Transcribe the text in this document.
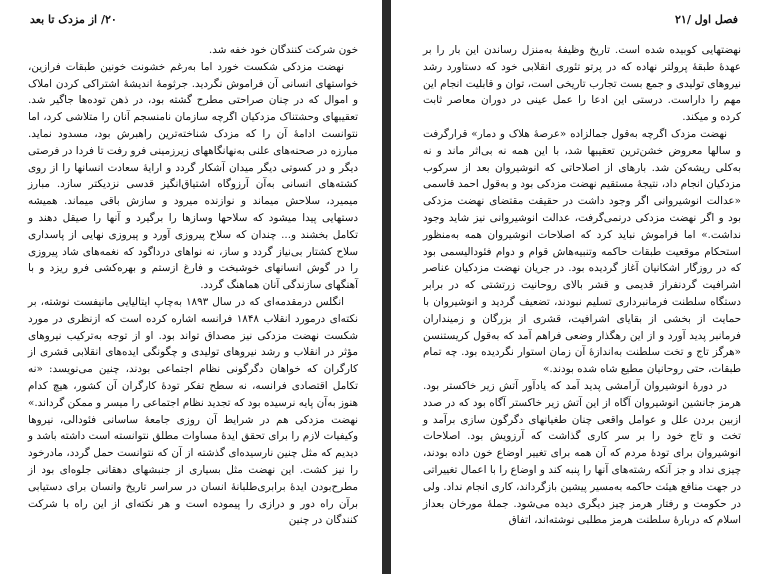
۲۰/ از مزدک تا بعد

خون شرکت کنندگان خود خفه شد.

نهضت مزدکی شکست خورد اما به‌رغم خشونت خونین طبقات فرازین، خواستهای انسانی آن فراموش نگردید. جرثومهٔ اندیشهٔ اشتراکی کردن املاک و اموال که در چنان صراحتی مطرح گشته بود، در ذهن توده‌ها جاگیر شد. تعقیبهای وحشتناک مزدکیان اگرچه سازمان نامنسجم آنان را متلاشی کرد، اما نتوانست ادامهٔ آن را که مزدک شناخته‌ترین راهبرش بود، مسدود نماید. مبارزه در صحنه‌های علنی به‌نهانگاههای زیرزمینی فرو رفت تا فردا در فرصتی دیگر و در کسوتی دیگر میدان آشکار گردد و ارایهٔ سعادت انسانها را از روی کشته‌های انسانی به‌آن آرزوگاه اشتیاق‌انگیز قدسی نزدیکتر سازد. مبارز میمیرد، سلاحش میماند و نوازنده میرود و سازش باقی میماند. همیشه دستهایی پیدا میشود که سلاحها وسازها را برگیرد و آنها را صیقل دهند و تکامل بخشند و... چندان که سلاح پیروزی آورد و پیروزی نهایی از پاسداری سلاح کشتار بی‌نیاز گردد و ساز، نه نواهای درداگود که نغمه‌های شاد پیروزی را در گوش انسانهای خوشبخت و فارغ ازستم و بهره‌کشی فرو ریزد و با آهنگهای سازندگی آنان هماهنگ گردد.

انگلس درمقدمه‌ای که در سال ۱۸۹۳ به‌چاپ ایتالیایی مانیفست نوشته، بر نکته‌ای درمورد انقلاب ۱۸۴۸ فرانسه اشاره کرده است که ازنظری در مورد شکست نهضت مزدکی نیز مصداق تواند بود. او از توجه به‌ترکیب نیروهای مؤثر در انقلاب و رشد نیروهای تولیدی و چگونگی ایده‌های انقلابی قشری از کارگران که خواهان دگرگونی نظام اجتماعی بودند، چنین می‌نویسد: «نه تکامل اقتصادی فرانسه، نه سطح تفکر تودهٔ کارگران آن کشور، هیچ کدام هنوز به‌آن پایه نرسیده بود که تجدید نظام اجتماعی را میسر و ممکن گرداند.» نهضت مزدکی هم در شرایط آن روزی جامعهٔ ساسانی فئودالی، نیروها وکیفیات لازم را برای تحقق ایدهٔ مساوات مطلق نتوانسته است داشته باشد و دیدیم که مثل چنین نارسیده‌ای گذشته از آن که نتوانست حمل گردد، مادرخود را نیز کشت. این نهضت مثل بسیاری از جنبشهای دهقانی جلوه‌ای بود از مطرح‌بودن ایدهٔ برابری‌طلبانهٔ انسان در سراسر تاریخ وانسان برای دستیابی برآن راه دور و درازی را پیموده است و هر نکته‌ای از این راه با شرکت کنندگان در چنین

فصل اول /۲۱

نهضتهایی کوبیده شده است. تاریخ وظیفهٔ به‌منزل رساندن این بار را بر عهدهٔ طبقهٔ پرولتر نهاده که در پرتو تئوری انقلابی خود که دستاورد رشد نیروهای تولیدی و جمع بست تجارب تاریخی است، توان و قابلیت انجام این مهم را داراست. درستی این ادعا را عمل عینی در دوران معاصر ثابت کرده و میکند.

نهضت مزدک اگرچه به‌قول جمالزاده «عرصهٔ هلاک و دمار» قرارگرفت و سالها معروض خشن‌ترین تعقیبها شد، با این همه نه بی‌اثر ماند و نه به‌کلی ریشه‌کن شد. بارهای از اصلاحاتی که انوشیروان بعد از سرکوب مزدکیان انجام داد، نتیجهٔ مستقیم نهضت مزدکی بود و به‌قول احمد قاسمی «عدالت انوشیروانی اگر وجود داشت در حقیقت مقتضای نهضت مزدکی بود و اگر نهضت مزدکی درنمی‌گرفت، عدالت انوشیروانی نیز شاید وجود نداشت.» اما فراموش نباید کرد که اصلاحات انوشیروان همه به‌منظور استحکام موقعیت طبقات حاکمه وتنبیه‌هاش قوام و دوام فئودالیسمی بود که در روزگار اشکانیان آغاز گردیده بود. در جریان نهضت مزدکیان عناصر اشرافیت گردنفراز قدیمی و قشر بالای روحانیت زرتشتی که در برابر دستگاه سلطنت فرمانبرداری تسلیم نبودند، تضعیف گردید و انوشیروان با حمایت از بخشی از بقایای اشرافیت، قشری از بزرگان و زمینداران فرمانبر پدید آورد و از این رهگذار وضعی فراهم آمد که به‌قول کریستنسن «هرگز تاج و تخت سلطنت به‌اندازهٔ آن زمان استوار نگردیده بود. چه تمام طبقات، حتی روحانیان مطیع شاه شده بودند.»

در دورهٔ انوشیروان آرامشی پدید آمد که یادآور آتش زیر خاکستر بود. هرمز جانشین انوشیروان آگاه از این آتش زیر خاکستر آگاه بود که در صدد ازبین بردن علل و عوامل واقعی چنان طغیانهای دگرگون سازی برآمد و تخت و تاج خود را بر سر کاری گذاشت که آرزویش بود. اصلاحات انوشیروان برای تودهٔ مردم که آن همه برای تغییر اوضاع خون داده بودند، چیزی نداد و جز آنکه رشته‌های آنها را پنبه کند و اوضاع را با اعمال تغییراتی در جهت منافع هیئت حاکمه به‌مسیر پیشین بازگرداند، کاری انجام نداد. ولی در حکومت و رفتار هرمز چیز دیگری دیده می‌شود. جملهٔ مورخان بعداز اسلام که دربارهٔ سلطنت هرمز مطلبی نوشته‌اند، اتفاق
